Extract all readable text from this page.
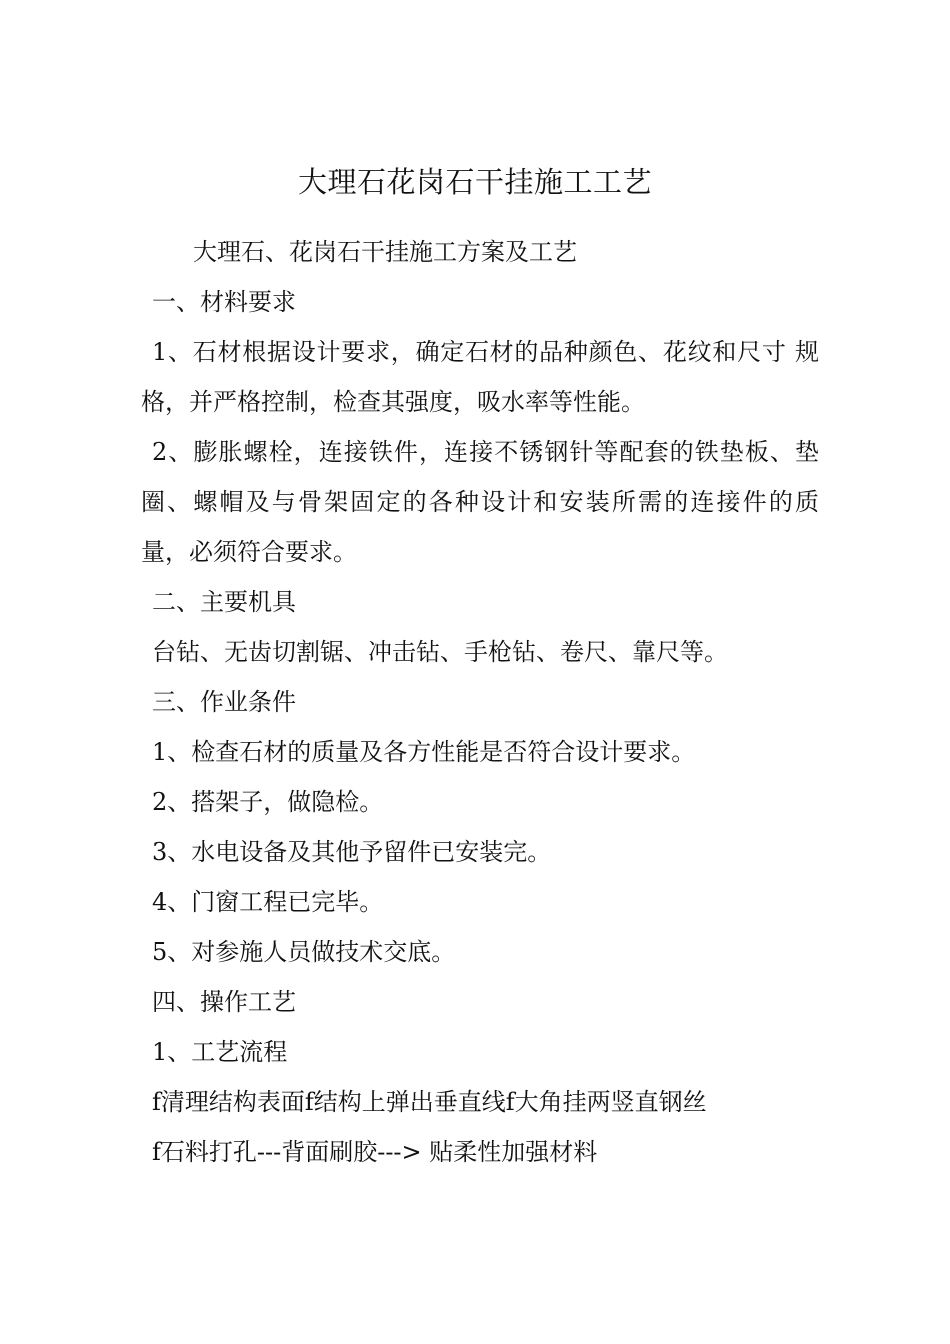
大理石花岗石干挂施工工艺
大理石、花岗石干挂施工方案及工艺
一、材料要求
1、石材根据设计要求，确定石材的品种颜色、花纹和尺寸 规
格，并严格控制，检查其强度，吸水率等性能。
2、膨胀螺栓，连接铁件，连接不锈钢针等配套的铁垫板、垫
圈、螺帽及与骨架固定的各种设计和安装所需的连接件的质
量，必须符合要求。
二、主要机具
台钻、无齿切割锯、冲击钻、手枪钻、卷尺、靠尺等。
三、作业条件
1、检查石材的质量及各方性能是否符合设计要求。
2、搭架子，做隐检。
3、水电设备及其他予留件已安装完。
4、门窗工程已完毕。
5、对参施人员做技术交底。
四、操作工艺
1、工艺流程
f清理结构表面f结构上弹出垂直线f大角挂两竖直钢丝
f石料打孔---背面刷胶---> 贴柔性加强材料
